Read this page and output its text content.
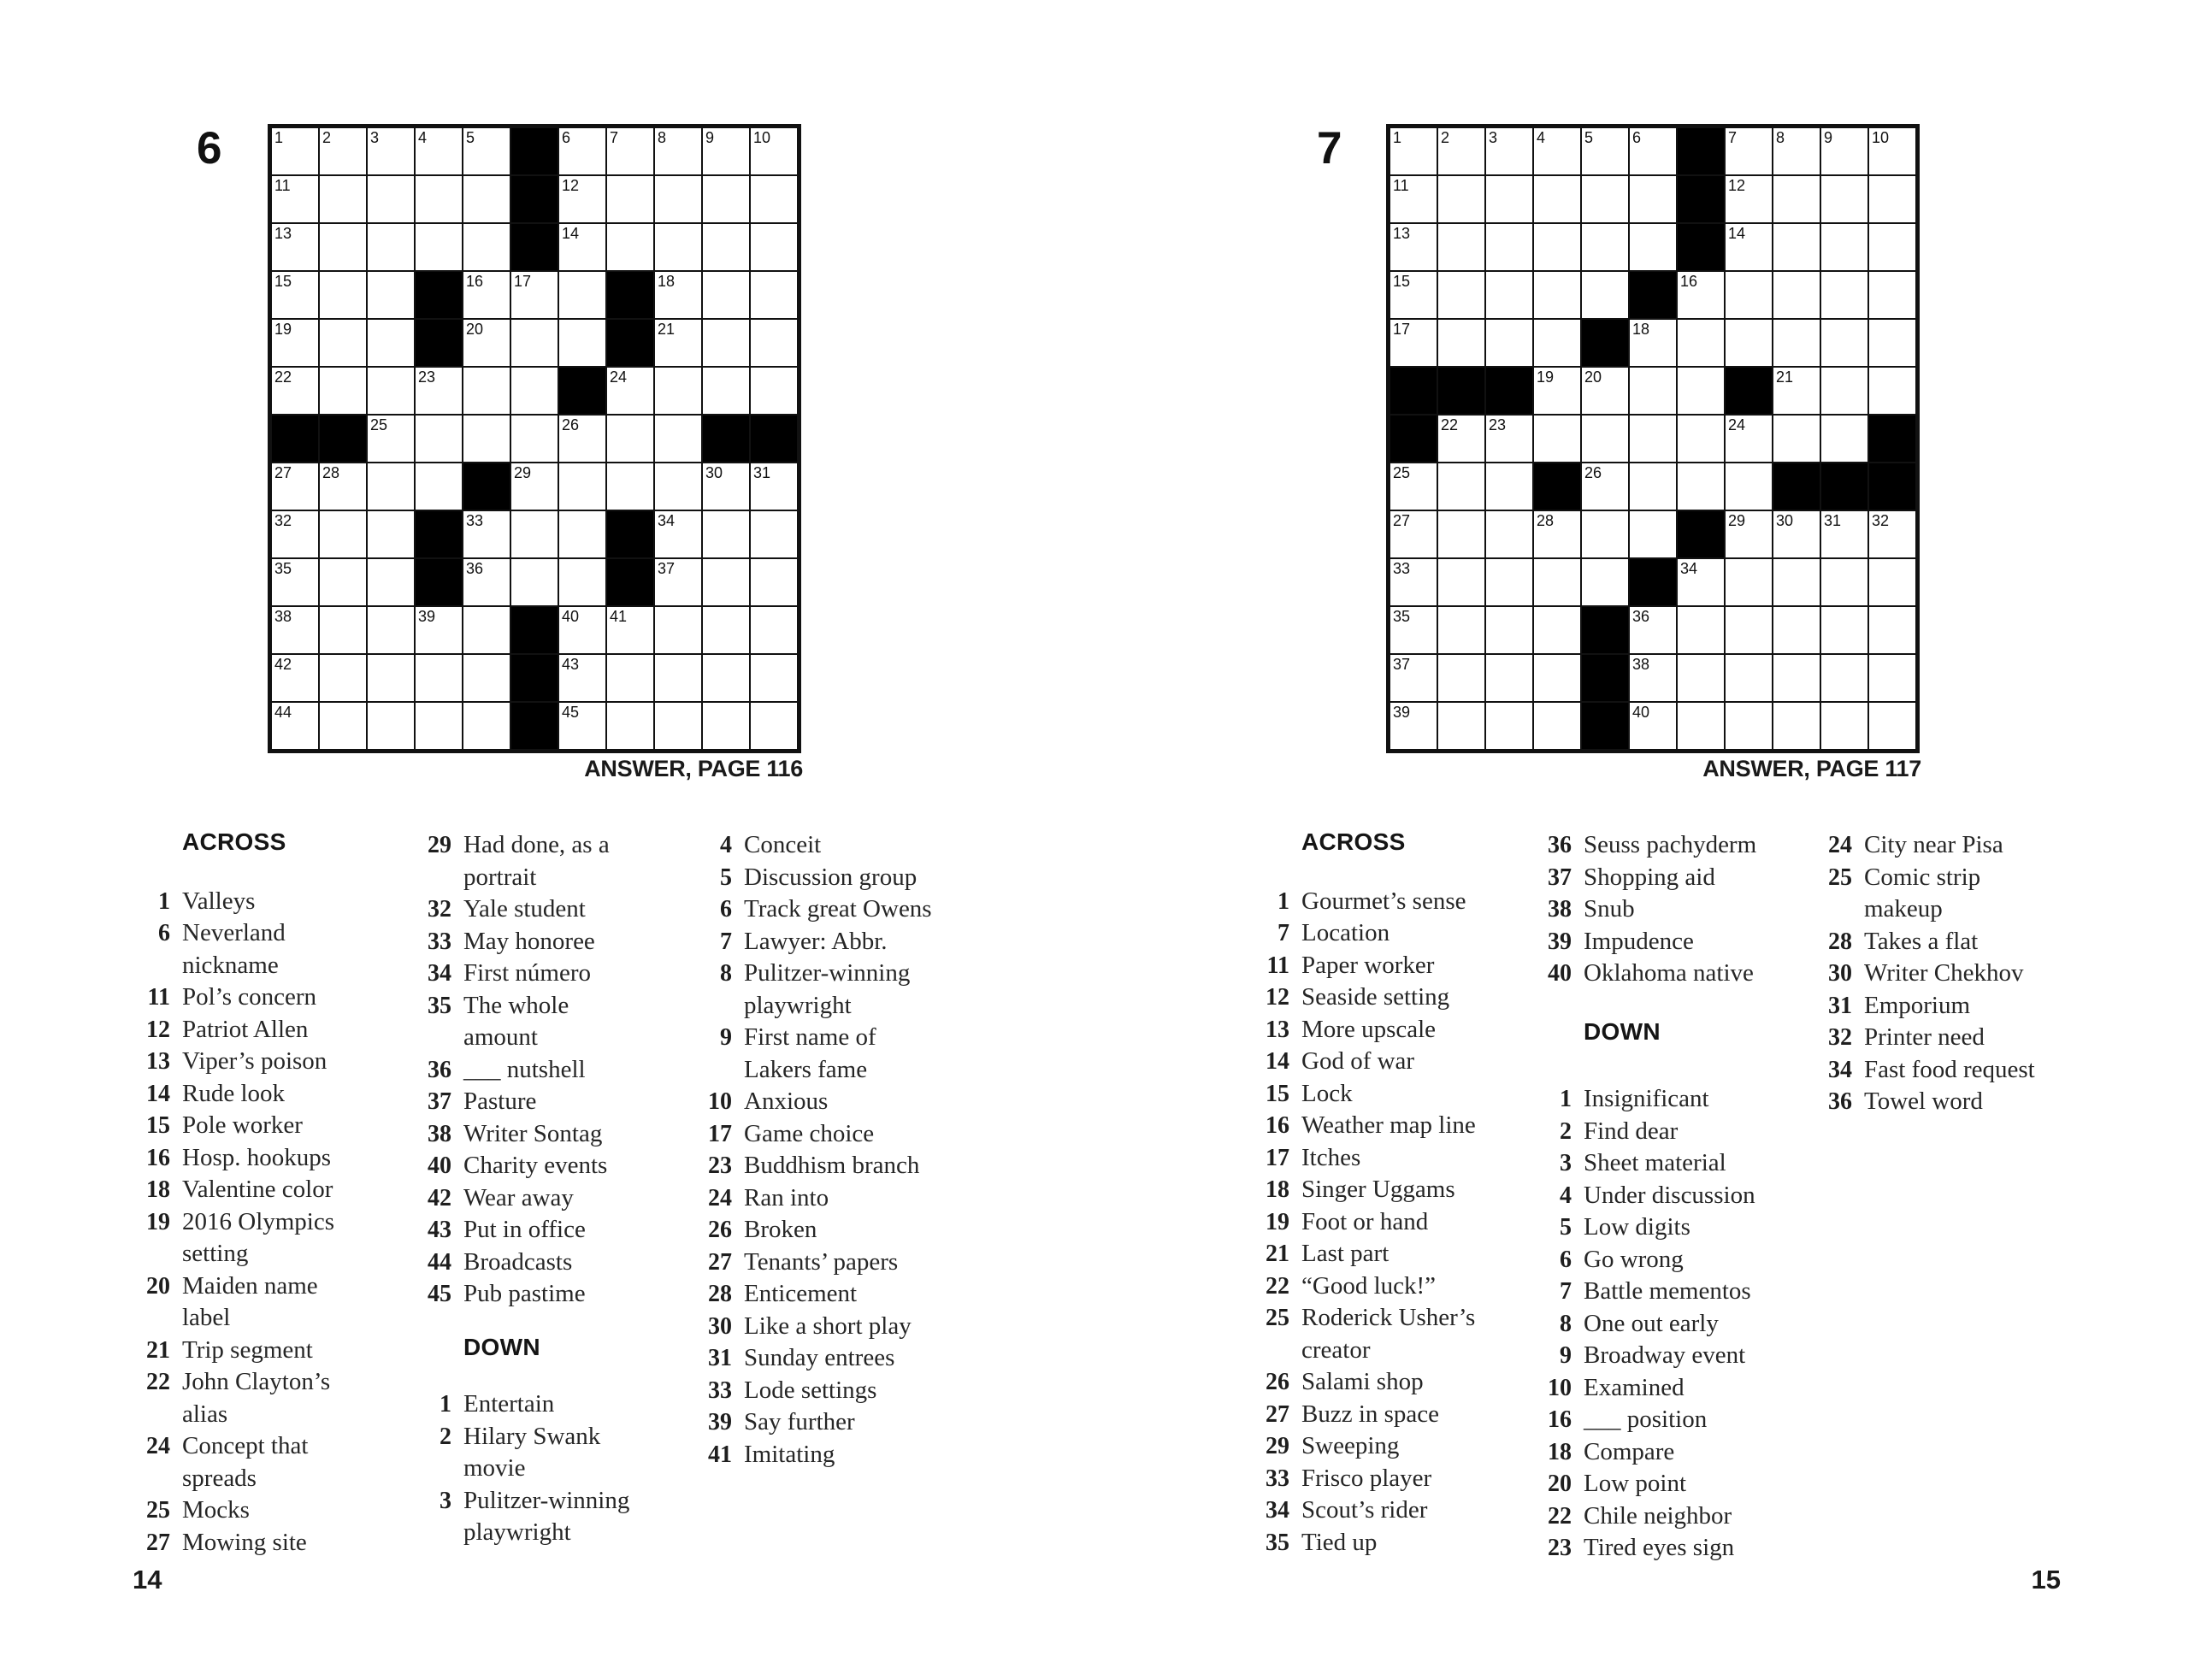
6	1	2	3	4	5	6	7	8	9	10
11	12
13	14
15	16 17	18
19	20	21
22	23	24
25	26
27 28	29	30 31
32	33	34
35	36	37
38	39	40 41
42	43
44	45
ANSWER, PAGE 116
ACROSS
1 Valleys
6 Neverland
nickname
11 Pol’s concern
12 Patriot Allen
13 Viper’s poison
14 Rude look
15 Pole worker
16 Hosp. hookups
18 Valentine color
19 2016 Olympics
setting
20 Maiden name
label
21 Trip segment
22 John Clayton’s
alias
24 Concept that
spreads
25 Mocks
27 Mowing site
29 Had done, as a
portrait
32 Yale student
33 May honoree
34 First número
35 The whole
amount
36 ___ nutshell
37 Pasture
38 Writer Sontag
40 Charity events
42 Wear away
43 Put in office
44 Broadcasts
45 Pub pastime
DOWN
1 Entertain
2 Hilary Swank
movie
3 Pulitzer-winning
playwright
4 Conceit
5 Discussion group
6 Track great Owens
7 Lawyer: Abbr.
8 Pulitzer-winning
playwright
9 First name of
Lakers fame
10 Anxious
17 Game choice
23 Buddhism branch
24 Ran into
26 Broken
27 Tenants’ papers
28 Enticement
30 Like a short play
31 Sunday entrees
33 Lode settings
39 Say further
41 Imitating
14
7	1	2	3	4	5	6	7	8	9	10
11	12
13	14
15	16
17	18
19 20	21
22 23	24
25	26
27	28	29 30 31 32
33	34
35	36
37	38
39	40
ANSWER, PAGE 117
ACROSS
1 Gourmet’s sense
7 Location
11 Paper worker
12 Seaside setting
13 More upscale
14 God of war
15 Lock
16 Weather map line
17 Itches
18 Singer Uggams
19 Foot or hand
21 Last part
22 “Good luck!”
25 Roderick Usher’s
creator
26 Salami shop
27 Buzz in space
29 Sweeping
33 Frisco player
34 Scout’s rider
35 Tied up
36 Seuss pachyderm
37 Shopping aid
38 Snub
39 Impudence
40 Oklahoma native
DOWN
1 Insignificant
2 Find dear
3 Sheet material
4 Under discussion
5 Low digits
6 Go wrong
7 Battle mementos
8 One out early
9 Broadway event
10 Examined
16 ___ position
18 Compare
20 Low point
22 Chile neighbor
23 Tired eyes sign
24 City near Pisa
25 Comic strip
makeup
28 Takes a flat
30 Writer Chekhov
31 Emporium
32 Printer need
34 Fast food request
36 Towel word
15
